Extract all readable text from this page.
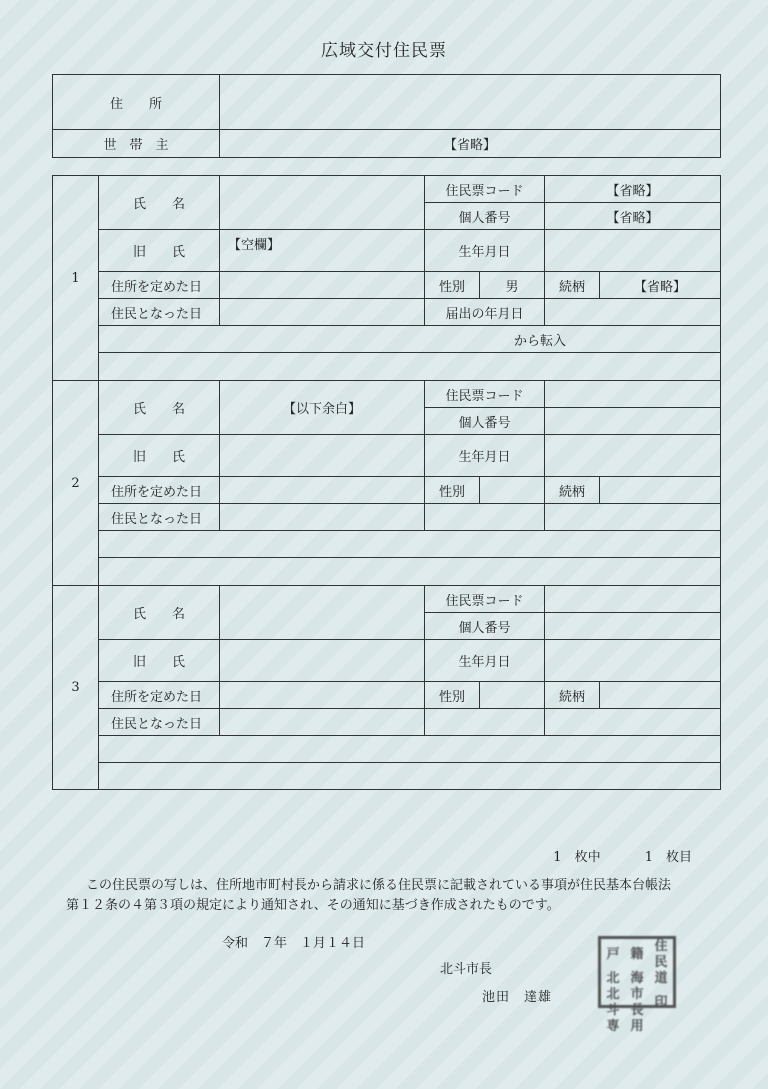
広域交付住民票
住　　所	
世　帯　主	【省略】
1	氏　　名		住民票コード		【省略】	
			個人番号		【省略】	
	旧　　氏	【空欄】	生年月日			
	住所を定めた日		性別	男	続柄	【省略】
	住民となった日		届出の年月日			
	から転入					

2	氏　　名	【以下余白】	住民票コード			
			個人番号			
	旧　　氏		生年月日			
	住所を定めた日		性別		続柄	
	住民となった日					

3	氏　　名		住民票コード			
			個人番号			
	旧　　氏		生年月日			
	住所を定めた日		性別		続柄	
	住民となった日					

1　枚中	1　枚目

この住民票の写しは、住所地市町村長から請求に係る住民票に記載されている事項が住民基本台帳法

第１２条の４第３項の規定により通知され、その通知に基づき作成されたものです。

令和　７年　１月１４日
北斗市長
池田　達雄
戸 籍
住民
北 海 道
北斗
市長
印
専 用
